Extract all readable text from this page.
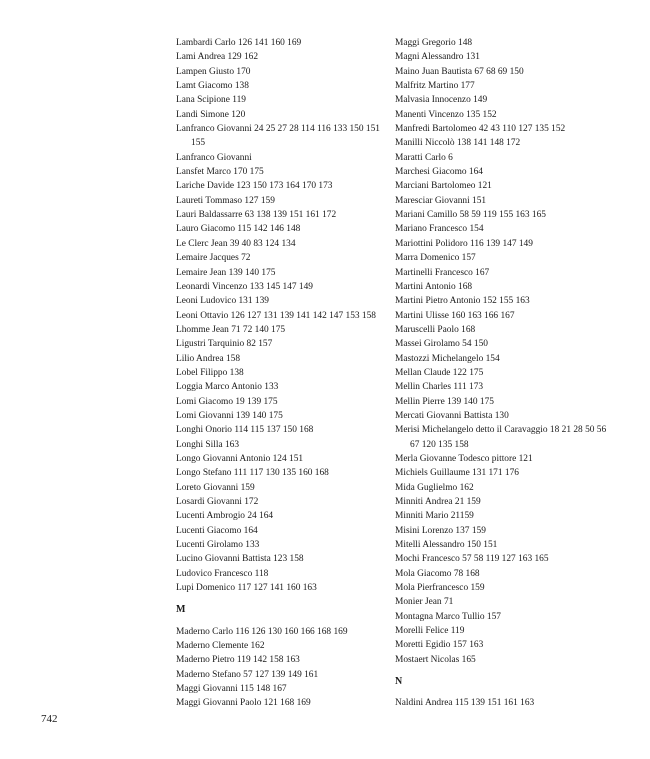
Lambardi Carlo 126 141 160 169
Lami Andrea 129 162
Lampen Giusto 170
Lamt Giacomo 138
Lana Scipione 119
Landi Simone 120
Lanfranco Giovanni 24 25 27 28 114 116 133 150 151 155
Lanfranco Giovanni
Lansfet Marco 170 175
Lariche Davide 123 150 173 164 170 173
Laureti Tommaso 127 159
Lauri Baldassarre 63 138 139 151 161 172
Lauro Giacomo 115 142 146 148
Le Clerc Jean 39 40 83 124 134
Lemaire Jacques 72
Lemaire Jean 139 140 175
Leonardi Vincenzo 133 145 147 149
Leoni Ludovico 131 139
Leoni Ottavio 126 127 131 139 141 142 147 153 158
Lhomme Jean 71 72 140 175
Ligustri Tarquinio 82 157
Lilio Andrea 158
Lobel Filippo 138
Loggia Marco Antonio 133
Lomi Giacomo 19 139 175
Lomi Giovanni 139 140 175
Longhi Onorio 114 115 137 150 168
Longhi Silla 163
Longo Giovanni Antonio 124 151
Longo Stefano 111 117 130 135 160 168
Loreto Giovanni 159
Losardi Giovanni 172
Lucenti Ambrogio 24 164
Lucenti Giacomo 164
Lucenti Girolamo 133
Lucino Giovanni Battista 123 158
Ludovico Francesco 118
Lupi Domenico 117 127 141 160 163
M
Maderno Carlo 116 126 130 160 166 168 169
Maderno Clemente 162
Maderno Pietro 119 142 158 163
Maderno Stefano 57 127 139 149 161
Maggi Giovanni 115 148 167
Maggi Giovanni Paolo 121 168 169
Maggi Gregorio 148
Magni Alessandro 131
Maino Juan Bautista 67 68 69 150
Malfritz Martino 177
Malvasia Innocenzo 149
Manenti Vincenzo 135 152
Manfredi Bartolomeo 42 43 110 127 135 152
Manilli Niccolò 138 141 148 172
Maratti Carlo 6
Marchesi Giacomo 164
Marciani Bartolomeo 121
Maresciar Giovanni 151
Mariani Camillo 58 59 119 155 163 165
Mariano Francesco 154
Mariottini Polidoro 116 139 147 149
Marra Domenico 157
Martinelli Francesco 167
Martini Antonio 168
Martini Pietro Antonio 152 155 163
Martini Ulisse 160 163 166 167
Maruscelli Paolo 168
Massei Girolamo 54 150
Mastozzi Michelangelo 154
Mellan Claude 122 175
Mellin Charles 111 173
Mellin Pierre 139 140 175
Mercati Giovanni Battista 130
Merisi Michelangelo detto il Caravaggio 18 21 28 50 56 67 120 135 158
Merla Giovanne Todesco pittore 121
Michiels Guillaume 131 171 176
Mida Guglielmo 162
Minniti Andrea 21 159
Minniti Mario 21159
Misini Lorenzo 137 159
Mitelli Alessandro 150 151
Mochi Francesco 57 58 119 127 163 165
Mola Giacomo 78 168
Mola Pierfrancesco 159
Monier Jean 71
Montagna Marco Tullio 157
Morelli Felice 119
Moretti Egidio 157 163
Mostaert Nicolas 165
N
Naldini Andrea 115 139 151 161 163
742
